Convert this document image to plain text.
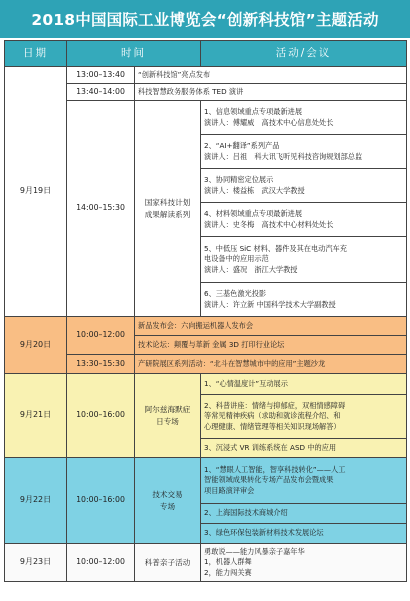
2018中国国际工业博览会“创新科技馆”主题活动
日期	时间		活动/会议
9月19日	13:00–13:40	“创新科技馆”亮点发布	
	13:40–14:00	科技智慧政务服务体系 TED 演讲	
	14:00–15:30	国家科技计划
成果解读系列	1、信息领域重点专项最新进展
演讲人：傅耀威　高技术中心信息处处长

			2、“AI+翻译”系列产品
演讲人：吕祖　科大讯飞听见科技咨询规划部总监

			3、协同精密定位展示
演讲人：楼益栋　武汉大学教授

			4、材料领域重点专项最新进展
演讲人：史冬梅　高技术中心材料处处长

			5、中低压 SiC 材料、器件及其在电动汽车充
电设备中的应用示范
演讲人：盛况　浙江大学教授

			6、三基色激光投影
演讲人：许立新 中国科学技术大学副教授

9月20日	10:00–12:00	新品发布会：六向搬运机器人发布会	
		技术论坛：颠覆与革新 金属 3D 打印行业论坛	
	13:30–15:30	产研院展区系列活动：“北斗在智慧城市中的应用”主题沙龙	
9月21日	10:00–16:00	阿尔兹海默症
日专场	1、“心情温度计”互动展示

			2、科普讲座：情绪与抑郁症，双相情感障碍
等常见精神疾病（求助和就诊流程介绍、和
心理健康、情绪管理等相关知识现场解答）

			3、沉浸式 VR 训练系统在 ASD 中的应用

9月22日	10:00–16:00	技术交易
专场	1、“慧眼人工智能，智享科技转化”——人工
智能领域成果转化专场产品发布会暨成果
项目路演评审会

			2、上海国际技术商城介绍

			3、绿色环保包装新材料技术发展论坛

9月23日	10:00–12:00	科普亲子活动	勇敢说——能力风暴亲子嘉年华
1，机器人群舞
2，能力闯关赛
